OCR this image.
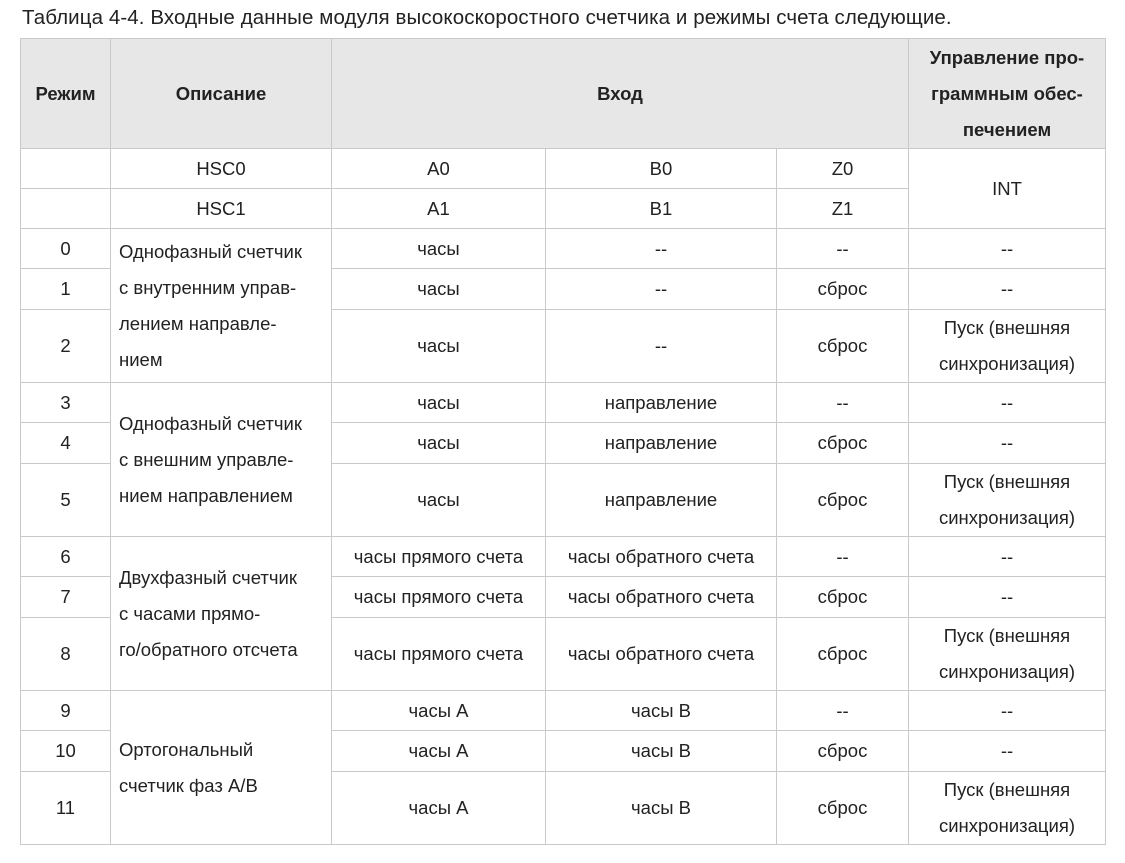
Таблица 4-4. Входные данные модуля высокоскоростного счетчика и режимы счета следующие.
Режим	Описание	Вход			Управление про-
граммным обес-
печением

	HSC0	A0	B0	Z0	INT
	HSC1	A1	B1	Z1	
0	Однофазный счетчик
с внутренним управ-
лением направле-
нием	часы	--	--	--
1		часы	--	сброс	--
2		часы	--	сброс	Пуск (внешняя
синхронизация)

3	Однофазный счетчик
с внешним управле-
нием направлением	часы	направление	--	--
4		часы	направление	сброс	--
5		часы	направление	сброс	Пуск (внешняя
синхронизация)

6	Двухфазный счетчик
с часами прямо-
го/обратного отсчета	часы прямого счета	часы обратного счета	--	--
7		часы прямого счета	часы обратного счета	сброс	--
8		часы прямого счета	часы обратного счета	сброс	Пуск (внешняя
синхронизация)

9	Ортогональный
счетчик фаз A/B	часы A	часы B	--	--
10		часы A	часы B	сброс	--
11		часы A	часы B	сброс	Пуск (внешняя
синхронизация)
